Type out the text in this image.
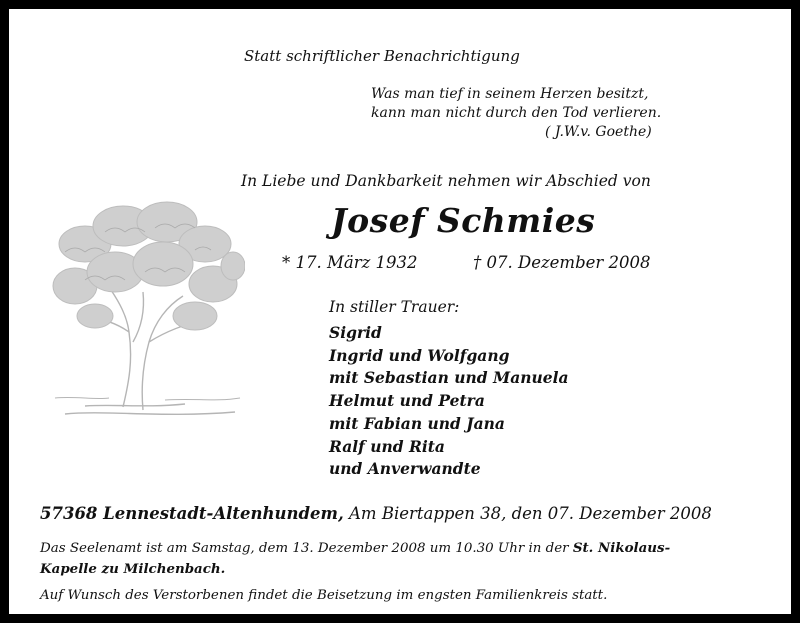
Statt schriftlicher Benachrichtigung
Was man tief in seinem Herzen besitzt,
kann man nicht durch den Tod verlieren.
( J.W.v. Goethe)
In Liebe und Dankbarkeit nehmen wir Abschied von
Josef Schmies
* 17. März 1932	† 07. Dezember 2008
In stiller Trauer:
Sigrid
Ingrid und Wolfgang
mit Sebastian und Manuela
Helmut und Petra
mit Fabian und Jana
Ralf und Rita
und Anverwandte
57368 Lennestadt-Altenhundem, Am Biertappen 38, den 07. Dezember 2008
Das Seelenamt ist am Samstag, dem 13. Dezember 2008 um 10.30 Uhr in der St. Nikolaus-
Kapelle zu Milchenbach.
Auf Wunsch des Verstorbenen findet die Beisetzung im engsten Familienkreis statt.
